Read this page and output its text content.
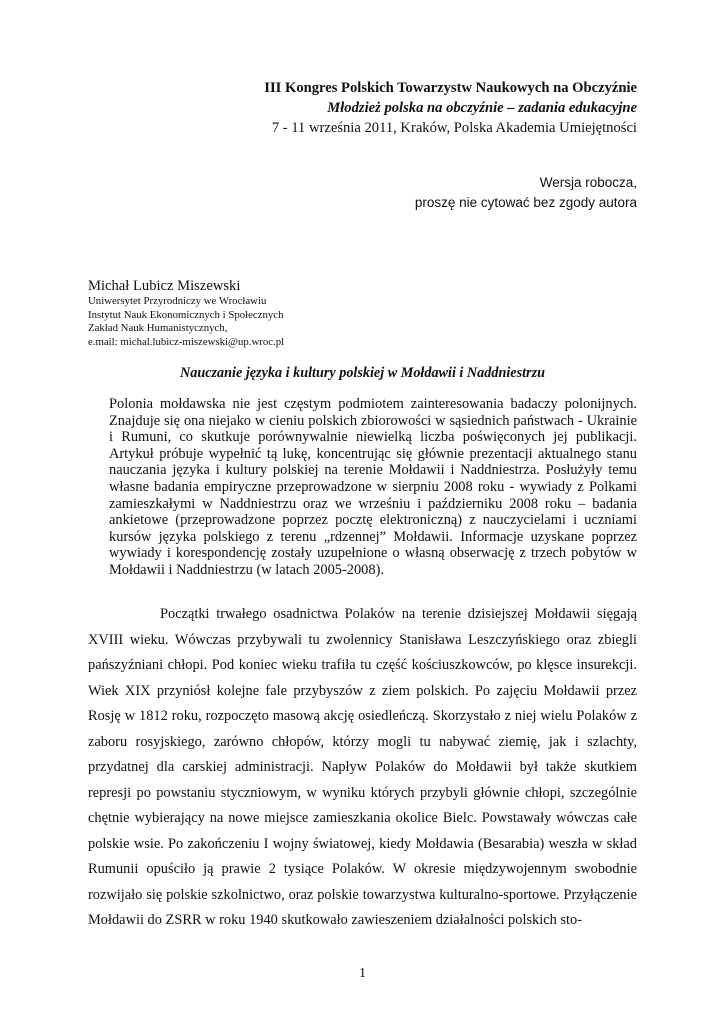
III Kongres Polskich Towarzystw Naukowych na Obczyźnie
Młodzież polska na obczyźnie – zadania edukacyjne
7 - 11 września 2011, Kraków, Polska Akademia Umiejętności
Wersja robocza,
proszę nie cytować bez zgody autora
Michał Lubicz Miszewski
Uniwersytet Przyrodniczy we Wrocławiu
Instytut Nauk Ekonomicznych i Społecznych
Zakład Nauk Humanistycznych,
e.mail: michal.lubicz-miszewski@up.wroc.pl
Nauczanie języka i kultury polskiej w Mołdawii i Naddniestrzu

Polonia mołdawska nie jest częstym podmiotem zainteresowania badaczy polonijnych. Znajduje się ona niejako w cieniu polskich zbiorowości w sąsiednich państwach - Ukrainie i Rumuni, co skutkuje porównywalnie niewielką liczba poświęconych jej publikacji. Artykuł próbuje wypełnić tą lukę, koncentrując się głównie prezentacji aktualnego stanu nauczania języka i kultury polskiej na terenie Mołdawii i Naddniestrza. Posłużyły temu własne badania empiryczne przeprowadzone w sierpniu 2008 roku - wywiady z Polkami zamieszkałymi w Naddniestrzu oraz we wrześniu i październiku 2008 roku – badania ankietowe (przeprowadzone poprzez pocztę elektroniczną) z nauczycielami i uczniami kursów języka polskiego z terenu „rdzennej” Mołdawii. Informacje uzyskane poprzez wywiady i korespondencję zostały uzupełnione o własną obserwację z trzech pobytów w Mołdawii i Naddniestrzu (w latach 2005-2008).

Początki trwałego osadnictwa Polaków na terenie dzisiejszej Mołdawii sięgają XVIII wieku. Wówczas przybywali tu zwolennicy Stanisława Leszczyńskiego oraz zbiegli pańszyźniani chłopi. Pod koniec wieku trafiła tu część kościuszkowców, po klęsce insurekcji. Wiek XIX przyniósł kolejne fale przybyszów z ziem polskich. Po zajęciu Mołdawii przez Rosję w 1812 roku, rozpoczęto masową akcję osiedleńczą. Skorzystało z niej wielu Polaków z zaboru rosyjskiego, zarówno chłopów, którzy mogli tu nabywać ziemię, jak i szlachty, przydatnej dla carskiej administracji. Napływ Polaków do Mołdawii był także skutkiem represji po powstaniu styczniowym, w wyniku których przybyli głównie chłopi, szczególnie chętnie wybierający na nowe miejsce zamieszkania okolice Bielc. Powstawały wówczas całe polskie wsie. Po zakończeniu I wojny światowej, kiedy Mołdawia (Besarabia) weszła w skład Rumunii opuściło ją prawie 2 tysiące Polaków. W okresie międzywojennym swobodnie rozwijało się polskie szkolnictwo, oraz polskie towarzystwa kulturalno-sportowe. Przyłączenie Mołdawii do ZSRR w roku 1940 skutkowało zawieszeniem działalności polskich sto-

1
